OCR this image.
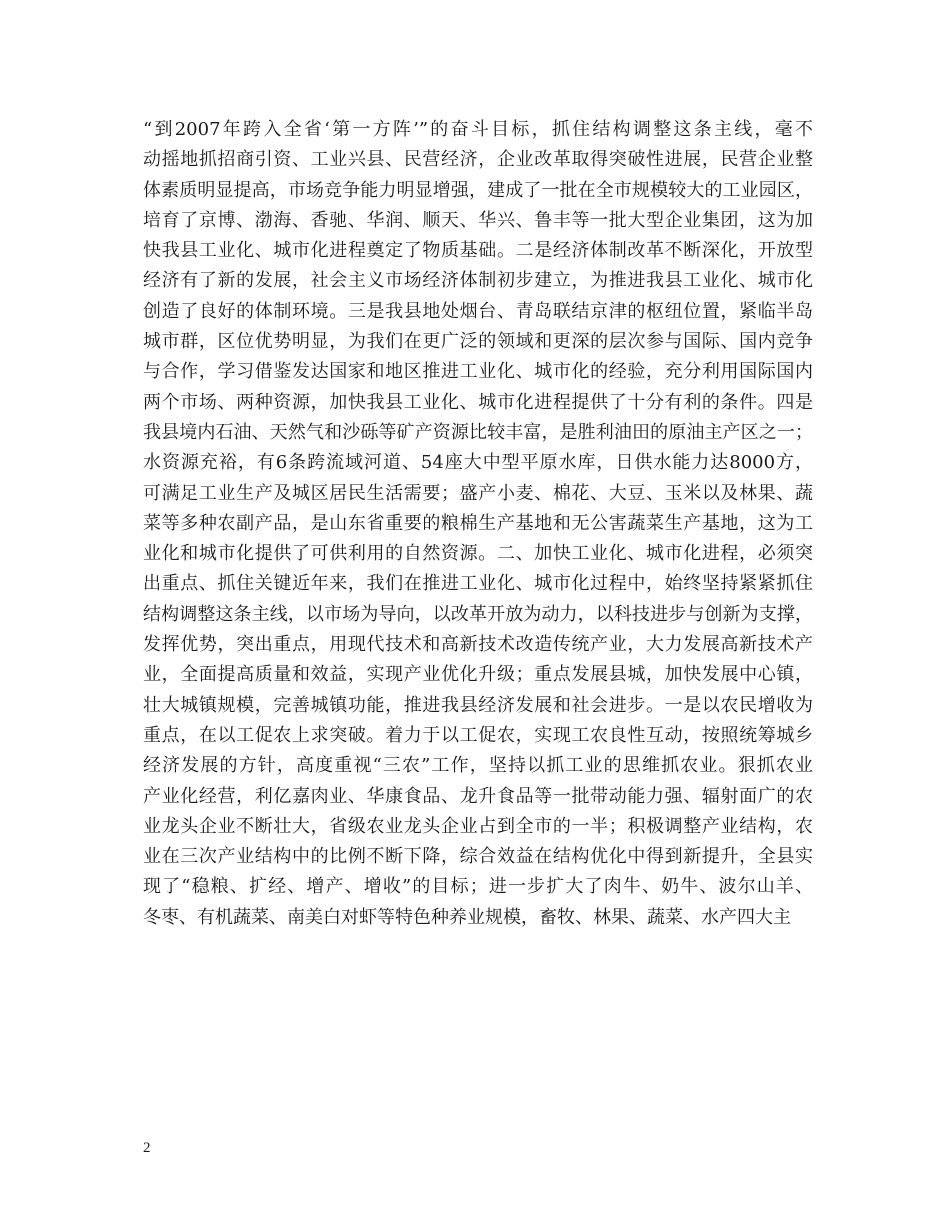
“到2007年跨入全省‘第一方阵’”的奋斗目标，抓住结构调整这条主线，毫不
动摇地抓招商引资、工业兴县、民营经济，企业改革取得突破性进展，民营企业整
体素质明显提高，市场竞争能力明显增强，建成了一批在全市规模较大的工业园区，
培育了京博、渤海、香驰、华润、顺天、华兴、鲁丰等一批大型企业集团，这为加
快我县工业化、城市化进程奠定了物质基础。二是经济体制改革不断深化，开放型
经济有了新的发展，社会主义市场经济体制初步建立，为推进我县工业化、城市化
创造了良好的体制环境。三是我县地处烟台、青岛联结京津的枢纽位置，紧临半岛
城市群，区位优势明显，为我们在更广泛的领域和更深的层次参与国际、国内竞争
与合作，学习借鉴发达国家和地区推进工业化、城市化的经验，充分利用国际国内
两个市场、两种资源，加快我县工业化、城市化进程提供了十分有利的条件。四是
我县境内石油、天然气和沙砾等矿产资源比较丰富，是胜利油田的原油主产区之一；
水资源充裕，有6条跨流域河道、54座大中型平原水库，日供水能力达8000方，
可满足工业生产及城区居民生活需要；盛产小麦、棉花、大豆、玉米以及林果、蔬
菜等多种农副产品，是山东省重要的粮棉生产基地和无公害蔬菜生产基地，这为工
业化和城市化提供了可供利用的自然资源。二、加快工业化、城市化进程，必须突
出重点、抓住关键近年来，我们在推进工业化、城市化过程中，始终坚持紧紧抓住
结构调整这条主线，以市场为导向，以改革开放为动力，以科技进步与创新为支撑，
发挥优势，突出重点，用现代技术和高新技术改造传统产业，大力发展高新技术产
业，全面提高质量和效益，实现产业优化升级；重点发展县城，加快发展中心镇，
壮大城镇规模，完善城镇功能，推进我县经济发展和社会进步。一是以农民增收为
重点，在以工促农上求突破。着力于以工促农，实现工农良性互动，按照统筹城乡
经济发展的方针，高度重视“三农”工作，坚持以抓工业的思维抓农业。狠抓农业
产业化经营，利亿嘉肉业、华康食品、龙升食品等一批带动能力强、辐射面广的农
业龙头企业不断壮大，省级农业龙头企业占到全市的一半；积极调整产业结构，农
业在三次产业结构中的比例不断下降，综合效益在结构优化中得到新提升，全县实
现了“稳粮、扩经、增产、增收”的目标；进一步扩大了肉牛、奶牛、波尔山羊、
冬枣、有机蔬菜、南美白对虾等特色种养业规模，畜牧、林果、蔬菜、水产四大主
2
